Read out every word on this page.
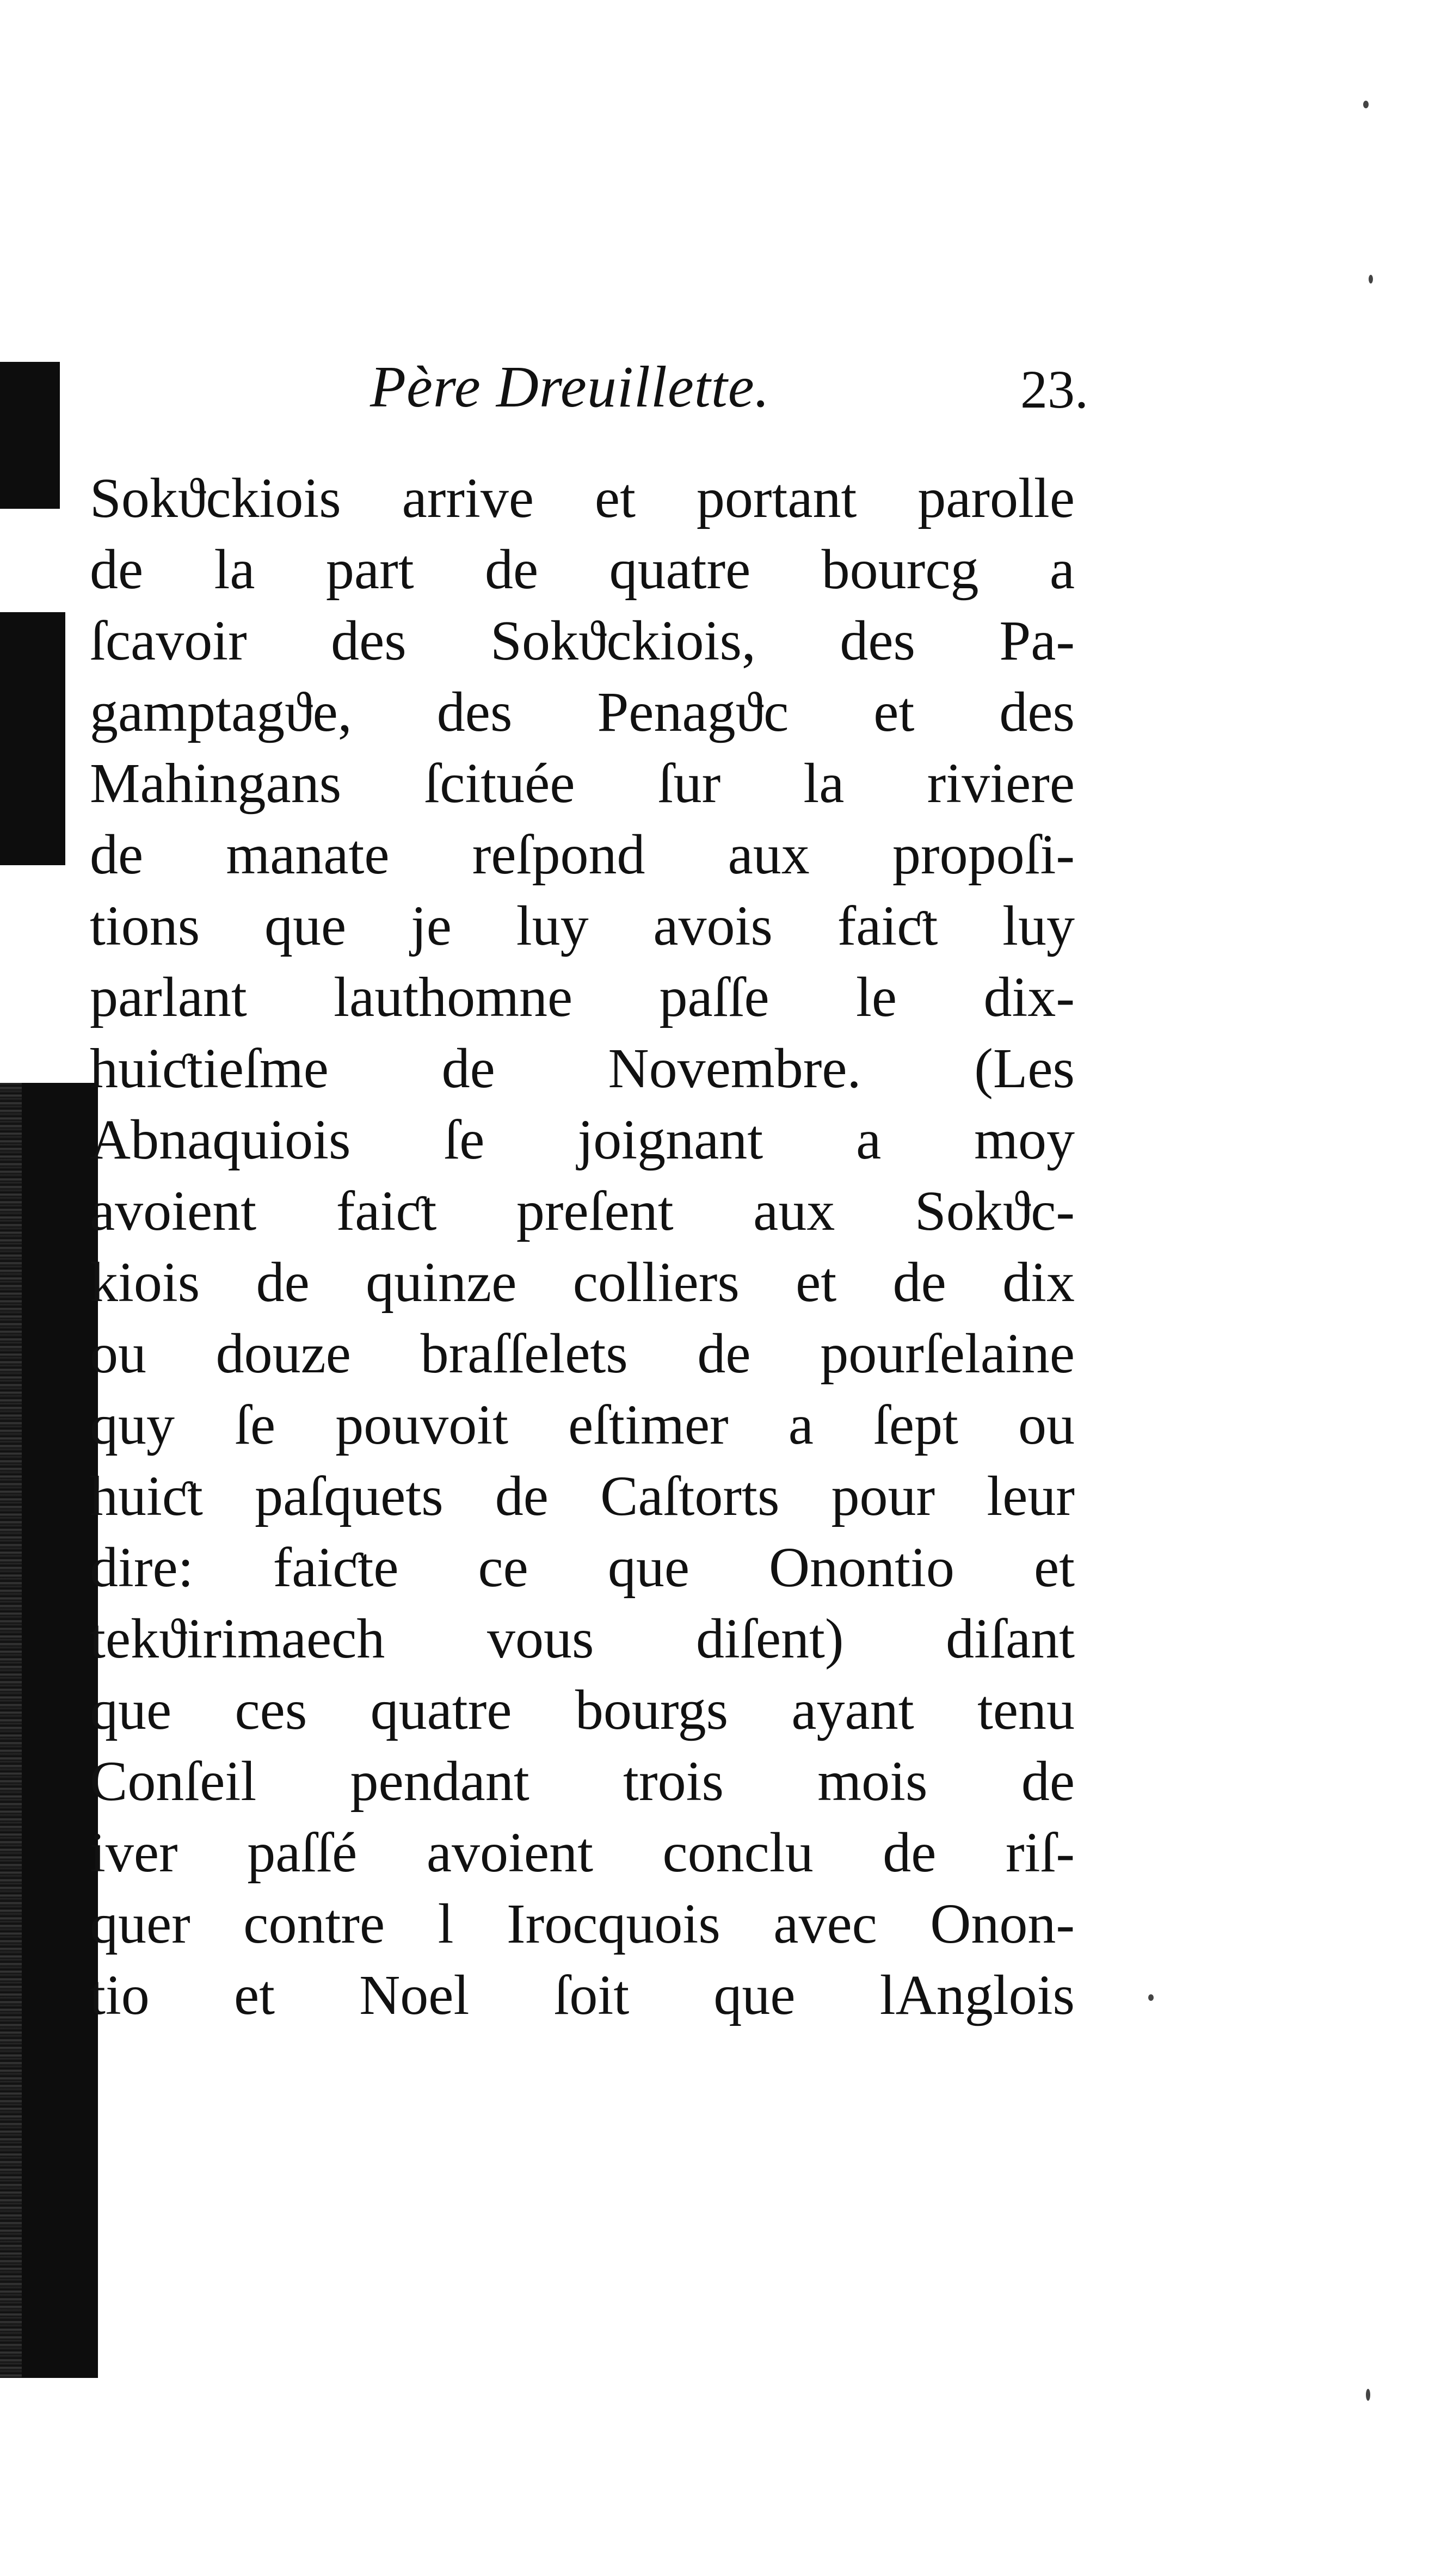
Père Dreuillette.	23.
Sokϑckiois arrive et portant parolle
de la part de quatre bourcg a
ſcavoir des Sokϑckiois, des Pa-
gamptagϑe, des Penagϑc et des
Mahingans ſcituée ſur la riviere
de manate reſpond aux propoſi-
tions que je luy avois faiƈt luy
parlant lauthomne paſſe le dix-
huiƈtieſme de Novembre. (Les
Abnaquiois ſe joignant a moy
avoient faiƈt preſent aux Sokϑc-
kiois de quinze colliers et de dix
ou douze braſſelets de pourſelaine
quy ſe pouvoit eſtimer a ſept ou
huiƈt paſquets de Caſtorts pour leur
dire: faiƈte ce que Onontio et
tekϑirimaech vous diſent) diſant
que ces quatre bourgs ayant tenu
Conſeil pendant trois mois de
iver paſſé avoient conclu de riſ-
quer contre l Irocquois avec Onon-
tio et Noel ſoit que lAnglois
